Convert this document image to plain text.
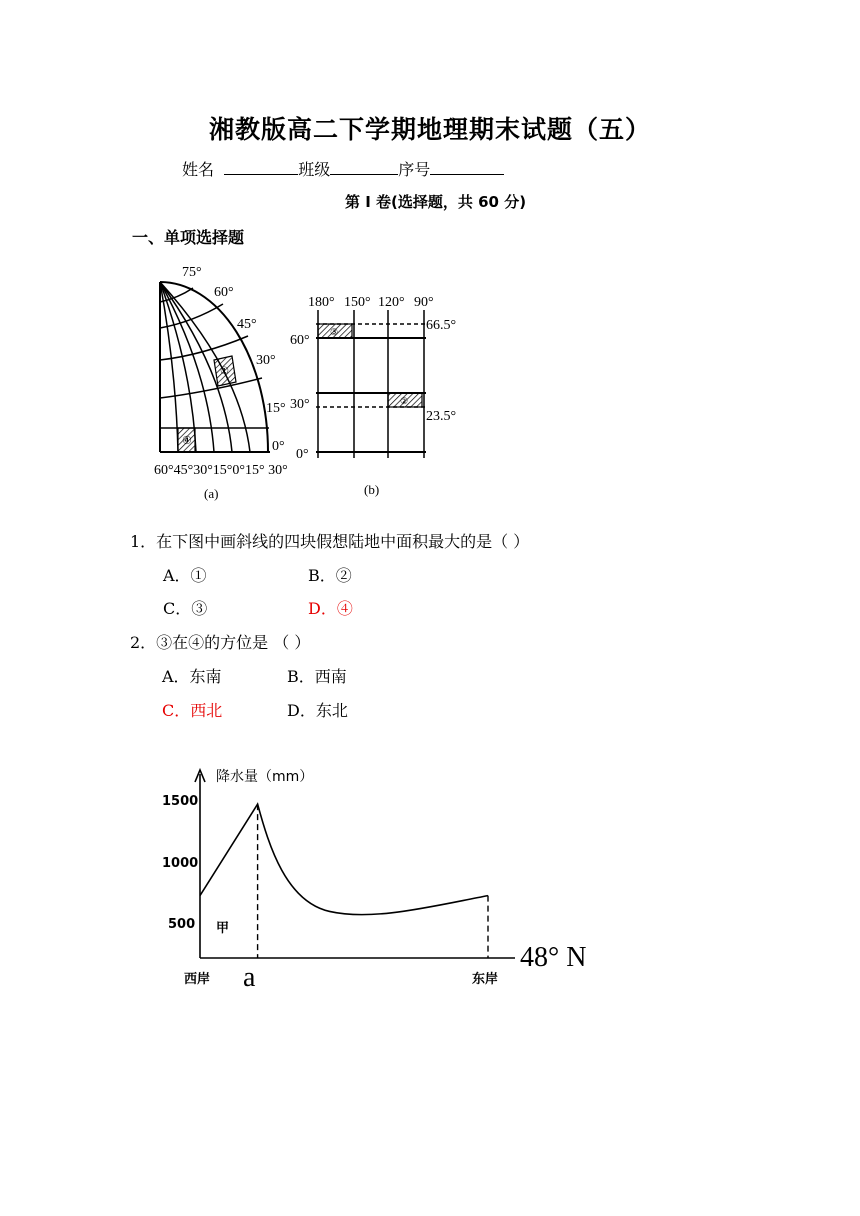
湘教版高二下学期地理期末试题（五）
姓名	班级	序号
第 I 卷(选择题，共 60 分)
一、单项选择题
④
①
75°
60°
45°
30°
15°
0°
60°45°30°15°0°15° 30°
(a)
③
②
180° 150° 120° 90°
60°
30°
0°
66.5°
23.5°
(b)
1．在下图中画斜线的四块假想陆地中面积最大的是（ ）
A．①	B．②
C．③	D．④
2．③在④的方位是 （ ）
A．东南	B．西南
C．西北	D．东北
降水量（mm）
1500
1000
500 甲
西岸 a	东岸
48° N
